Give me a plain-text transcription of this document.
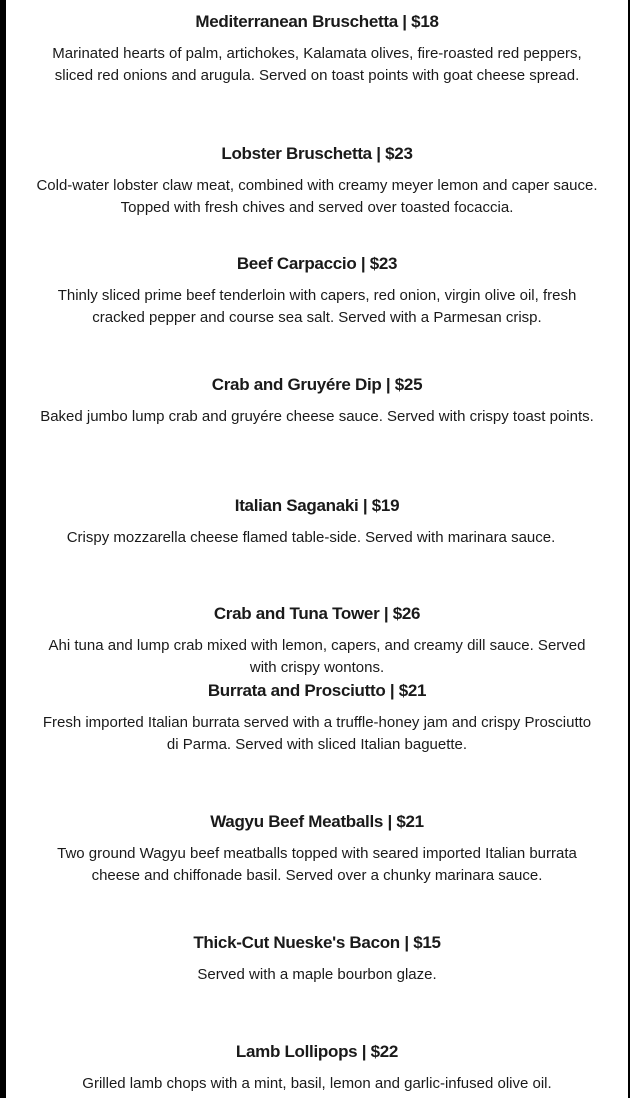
Mediterranean Bruschetta | $18

Marinated hearts of palm, artichokes, Kalamata olives, fire-roasted red peppers, sliced red onions and arugula. Served on toast points with goat cheese spread.

Lobster Bruschetta | $23

Cold-water lobster claw meat, combined with creamy meyer lemon and caper sauce. Topped with fresh chives and served over toasted focaccia.

Beef Carpaccio | $23

Thinly sliced prime beef tenderloin with capers, red onion, virgin olive oil, fresh cracked pepper and course sea salt. Served with a Parmesan crisp.

Crab and Gruyére Dip | $25

Baked jumbo lump crab and gruyére cheese sauce. Served with crispy toast points.

Italian Saganaki | $19

Crispy mozzarella cheese flamed table-side. Served with marinara sauce.

Crab and Tuna Tower | $26

Ahi tuna and lump crab mixed with lemon, capers, and creamy dill sauce. Served with crispy wontons.

Burrata and Prosciutto | $21

Fresh imported Italian burrata served with a truffle-honey jam and crispy Prosciutto di Parma. Served with sliced Italian baguette.

Wagyu Beef Meatballs | $21

Two ground Wagyu beef meatballs topped with seared imported Italian burrata cheese and chiffonade basil. Served over a chunky marinara sauce.

Thick-Cut Nueske's Bacon | $15

Served with a maple bourbon glaze.

Lamb Lollipops | $22

Grilled lamb chops with a mint, basil, lemon and garlic-infused olive oil.
